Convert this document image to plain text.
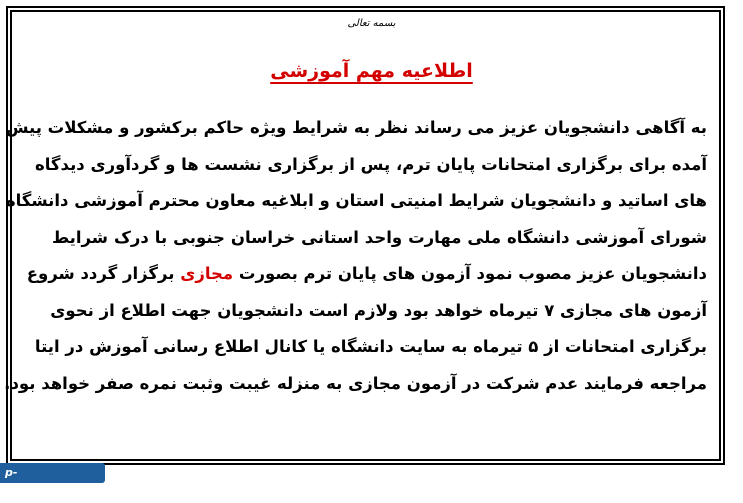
بسمه تعالی
اطلاعیه مهم آموزشی
به آگاهی دانشجویان عزیز می رساند نظر به شرایط ویژه حاکم برکشور و مشکلات پیش
آمده برای برگزاری امتحانات پایان ترم، پس از برگزاری نشست ها و گردآوری دیدگاه
های اساتید و دانشجویان شرایط امنیتی استان و ابلاغیه معاون محترم آموزشی دانشگاه
شورای آموزشی دانشگاه ملی مهارت واحد استانی خراسان جنوبی با درک شرایط
دانشجویان عزیز مصوب نمود آزمون های پایان ترم بصورت مجازی برگزار گردد شروع
آزمون های مجازی ۷ تیرماه خواهد بود ولازم است دانشجویان جهت اطلاع از نحوی
برگزاری امتحانات از ۵ تیرماه به سایت دانشگاه یا کانال اطلاع رسانی آموزش در ایتا
مراجعه فرمایند عدم شرکت در آزمون مجازی به منزله غیبت وثبت نمره صفر خواهد بود.
p-ferdows.nus.ac.ir
